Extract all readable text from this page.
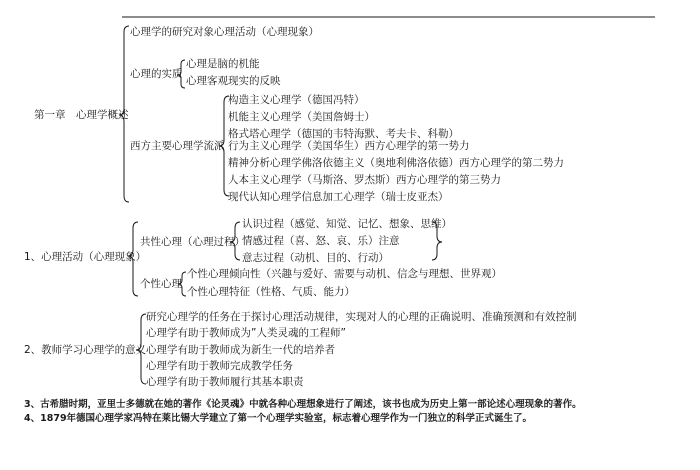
第一章　心理学概述
心理学的研究对象心理活动（心理现象）
心理的实质
心理是脑的机能
心理客观现实的反映
西方主要心理学流派
构造主义心理学（德国冯特）
机能主义心理学（美国詹姆士）
格式塔心理学（德国的韦特海默、考夫卡、科勒）
行为主义心理学（美国华生）西方心理学的第一势力
精神分析心理学佛洛依德主义（奥地利佛洛依德）西方心理学的第二势力
人本主义心理学（马斯洛、罗杰斯）西方心理学的第三势力
现代认知心理学信息加工心理学（瑞士皮亚杰）
1、心理活动（心理现象）
共性心理（心理过程）
认识过程（感觉、知觉、记忆、想象、思维）
情感过程（喜、怒、哀、乐）注意
意志过程（动机、目的、行动）
个性心理
个性心理倾向性（兴趣与爱好、需要与动机、信念与理想、世界观）
个性心理特征（性格、气质、能力）
2、教师学习心理学的意义
研究心理学的任务在于探讨心理活动规律，实现对人的心理的正确说明、准确预测和有效控制
心理学有助于教师成为”人类灵魂的工程师”
心理学有助于教师成为新生一代的培养者
心理学有助于教师完成教学任务
心理学有助于教师履行其基本职责
3、古希腊时期，亚里士多德就在她的著作《论灵魂》中就各种心理想象进行了阐述，该书也成为历史上第一部论述心理现象的著作。
4、1879年德国心理学家冯特在莱比锡大学建立了第一个心理学实验室，标志着心理学作为一门独立的科学正式诞生了。
